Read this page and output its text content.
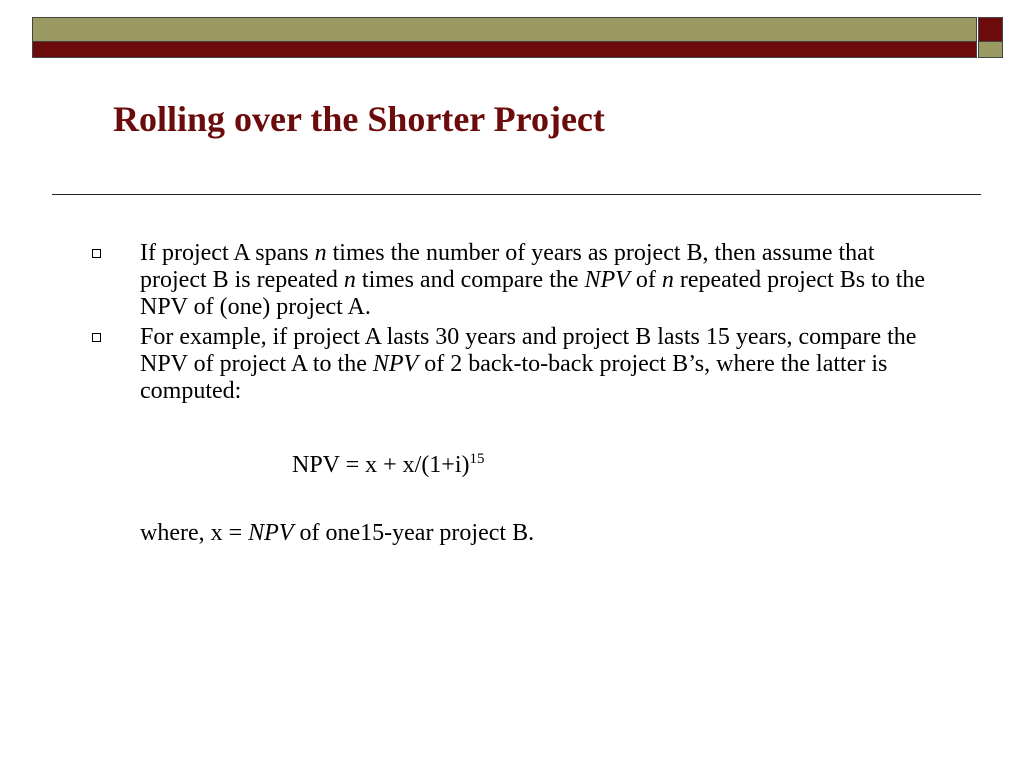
Rolling over the Shorter Project
If project A spans n times the number of years as project B, then assume that project B is repeated n times and compare the NPV of n repeated project Bs to the NPV of (one) project A.
For example, if project A lasts 30 years and project B lasts 15 years, compare the NPV of project A to the NPV of 2 back-to-back project B’s, where the latter is computed:
NPV = $x + x/(1+i)^{15}$
where, x = NPV of one15-year project B.
